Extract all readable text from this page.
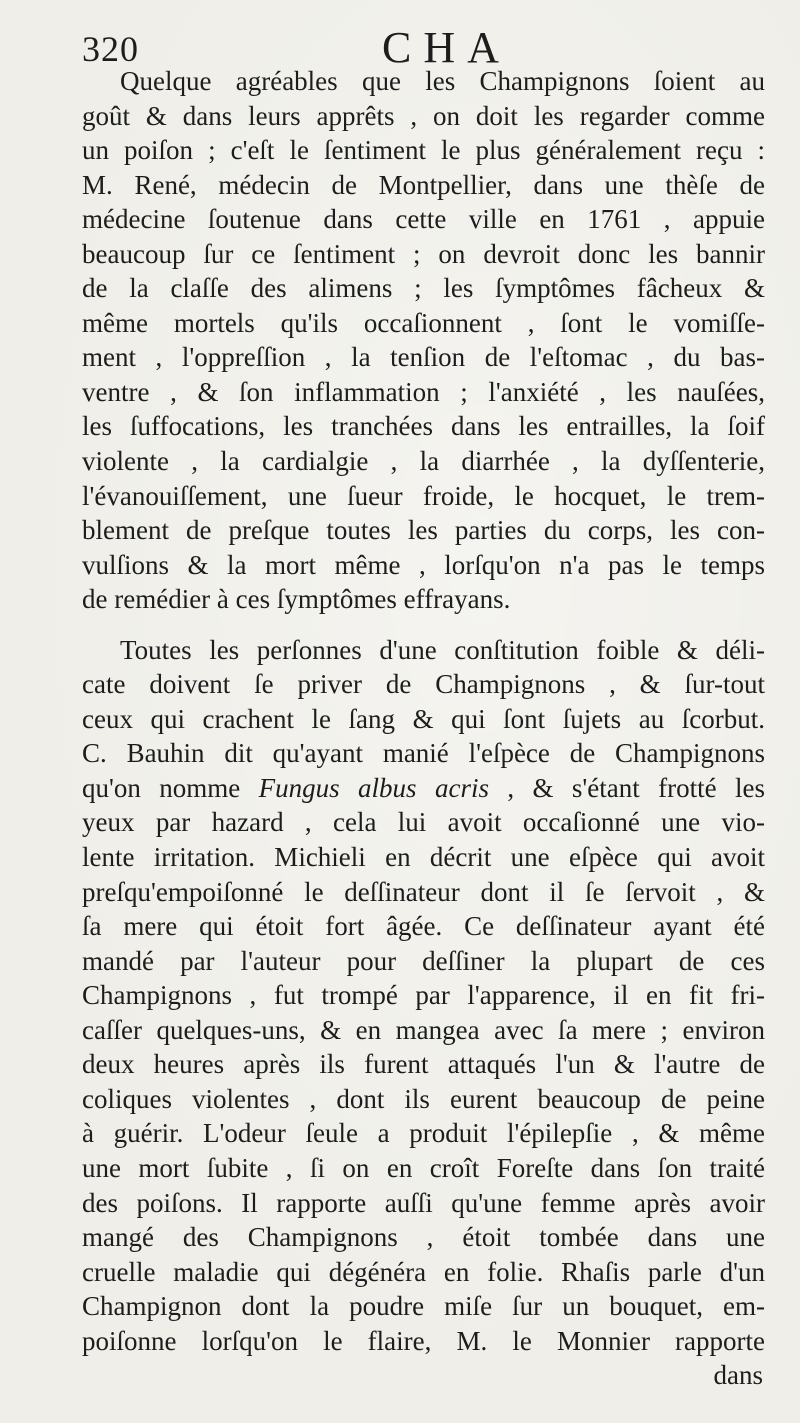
320	CHA
Quelque agréables que les Champignons ſoient au
goût & dans leurs apprêts , on doit les regarder comme
un poiſon ; c'eſt le ſentiment le plus généralement reçu :
M. René, médecin de Montpellier, dans une thèſe de
médecine ſoutenue dans cette ville en 1761 , appuie
beaucoup ſur ce ſentiment ; on devroit donc les bannir
de la claſſe des alimens ; les ſymptômes fâcheux &
même mortels qu'ils occaſionnent , ſont le vomiſſe-
ment , l'oppreſſion , la tenſion de l'eſtomac , du bas-
ventre , & ſon inflammation ; l'anxiété , les nauſées,
les ſuffocations, les tranchées dans les entrailles, la ſoif
violente , la cardialgie , la diarrhée , la dyſſenterie,
l'évanouiſſement, une ſueur froide, le hocquet, le trem-
blement de preſque toutes les parties du corps, les con-
vulſions & la mort même , lorſqu'on n'a pas le temps
de remédier à ces ſymptômes effrayans.
Toutes les perſonnes d'une conſtitution foible & déli-
cate doivent ſe priver de Champignons , & ſur-tout
ceux qui crachent le ſang & qui ſont ſujets au ſcorbut.
C. Bauhin dit qu'ayant manié l'eſpèce de Champignons
qu'on nomme Fungus albus acris , & s'étant frotté les
yeux par hazard , cela lui avoit occaſionné une vio-
lente irritation. Michieli en décrit une eſpèce qui avoit
preſqu'empoiſonné le deſſinateur dont il ſe ſervoit , &
ſa mere qui étoit fort âgée. Ce deſſinateur ayant été
mandé par l'auteur pour deſſiner la plupart de ces
Champignons , fut trompé par l'apparence, il en fit fri-
caſſer quelques-uns, & en mangea avec ſa mere ; environ
deux heures après ils furent attaqués l'un & l'autre de
coliques violentes , dont ils eurent beaucoup de peine
à guérir. L'odeur ſeule a produit l'épilepſie , & même
une mort ſubite , ſi on en croît Foreſte dans ſon traité
des poiſons. Il rapporte auſſi qu'une femme après avoir
mangé des Champignons , étoit tombée dans une
cruelle maladie qui dégénéra en folie. Rhaſis parle d'un
Champignon dont la poudre miſe ſur un bouquet, em-
poiſonne lorſqu'on le flaire, M. le Monnier rapporte
dans
